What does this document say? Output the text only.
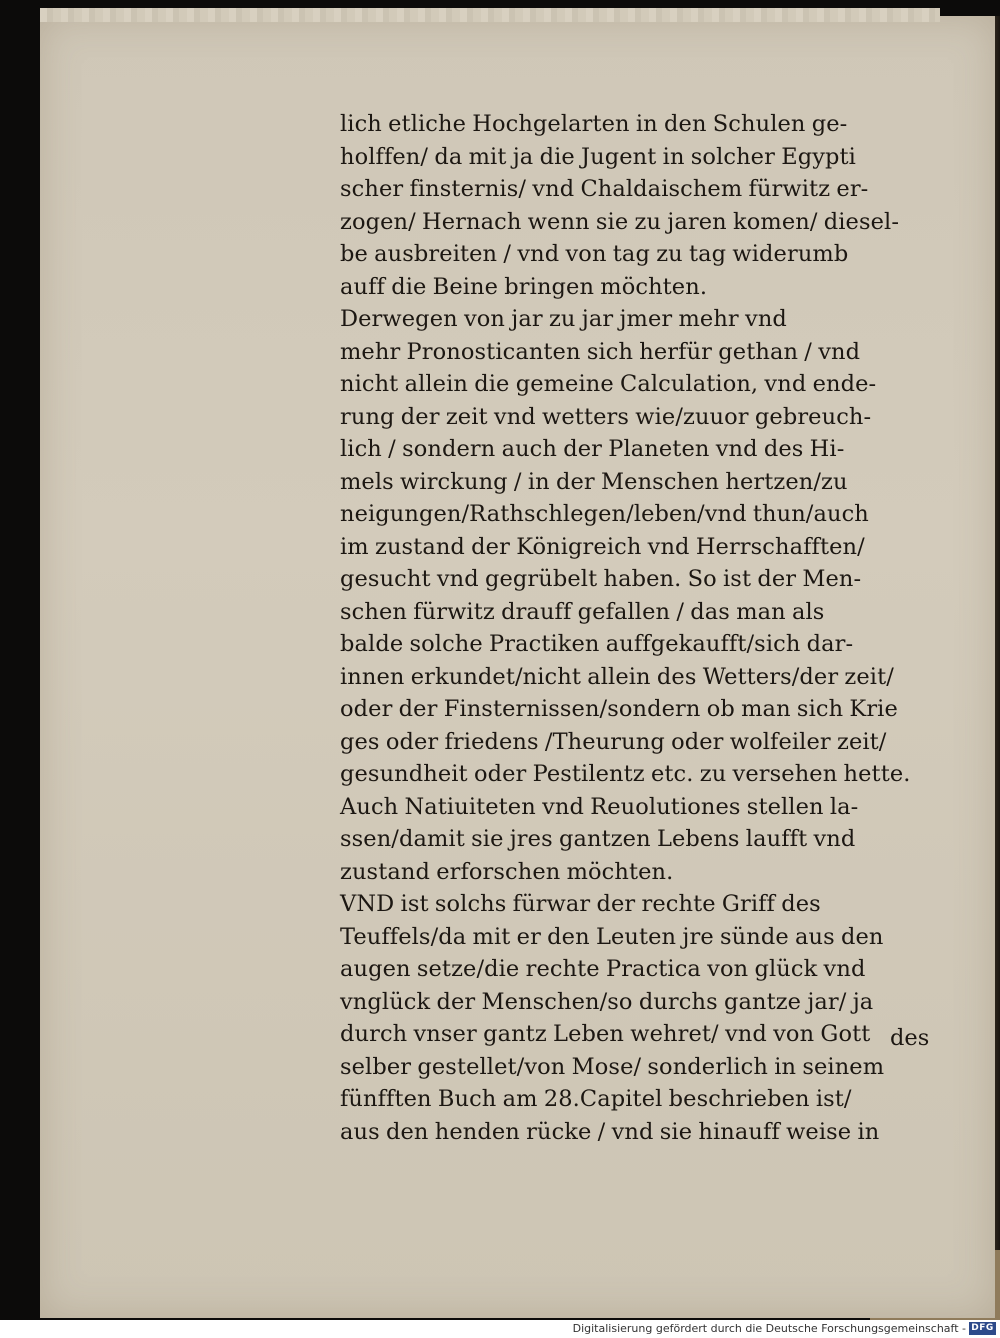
lich etliche Hochgelarten in den Schulen ge-
holffen/ da mit ja die Jugent in solcher Egypti
scher finsternis/ vnd Chaldaischem fürwitz er-
zogen/ Hernach wenn sie zu jaren komen/ diesel-
be ausbreiten / vnd von tag zu tag widerumb
auff die Beine bringen möchten.
Derwegen von jar zu jar jmer mehr vnd
mehr Pronosticanten sich herfür gethan / vnd
nicht allein die gemeine Calculation, vnd ende-
rung der zeit vnd wetters wie/zuuor gebreuch-
lich / sondern auch der Planeten vnd des Hi-
mels wirckung / in der Menschen hertzen/zu
neigungen/Rathschlegen/leben/vnd thun/auch
im zustand der Königreich vnd Herrschafften/
gesucht vnd gegrübelt haben. So ist der Men-
schen fürwitz drauff gefallen / das man als
balde solche Practiken auffgekaufft/sich dar-
innen erkundet/nicht allein des Wetters/der zeit/
oder der Finsternissen/sondern ob man sich Krie
ges oder friedens /Theurung oder wolfeiler zeit/
gesundheit oder Pestilentz etc. zu versehen hette.
Auch Natiuiteten vnd Reuolutiones stellen la-
ssen/damit sie jres gantzen Lebens laufft vnd
zustand erforschen möchten.
VND ist solchs fürwar der rechte Griff des
Teuffels/da mit er den Leuten jre sünde aus den
augen setze/die rechte Practica von glück vnd
vnglück der Menschen/so durchs gantze jar/ ja
durch vnser gantz Leben wehret/ vnd von Gott
selber gestellet/von Mose/ sonderlich in seinem
fünfften Buch am 28.Capitel beschrieben ist/
aus den henden rücke / vnd sie hinauff weise in
des
Digitalisierung gefördert durch die Deutsche Forschungsgemeinschaft - DFG
